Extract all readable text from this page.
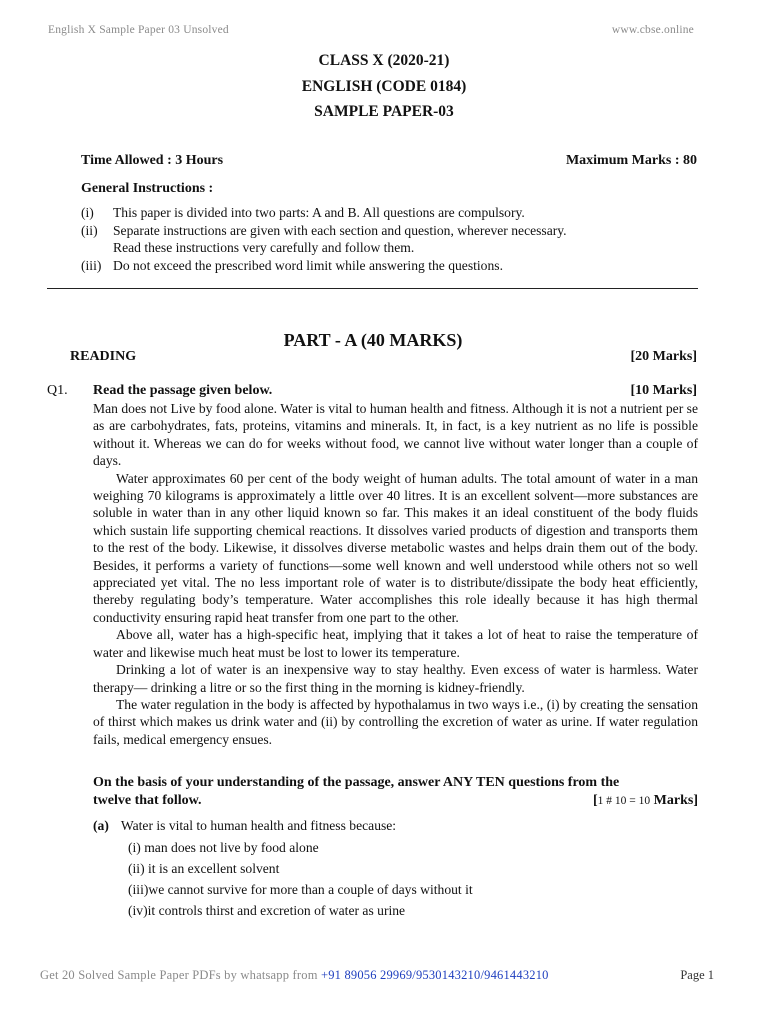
English X Sample Paper 03 Unsolved	www.cbse.online
CLASS X (2020-21)
ENGLISH (CODE 0184)
SAMPLE PAPER-03
Time Allowed : 3 Hours	Maximum Marks : 80
General Instructions :
(i)	This paper is divided into two parts: A and B. All questions are compulsory.
(ii)	Separate instructions are given with each section and question, wherever necessary.
Read these instructions very carefully and follow them.
(iii) Do not exceed the prescribed word limit while answering the questions.
PART - A (40 MARKS)
READING	[20 Marks]
Q1. Read the passage given below.	[10 Marks]

Man does not Live by food alone. Water is vital to human health and fitness. Although it is not a nutrient per se as are carbohydrates, fats, proteins, vitamins and minerals. It, in fact, is a key nutrient as no life is possible without it. Whereas we can do for weeks without food, we cannot live without water longer than a couple of days.

Water approximates 60 per cent of the body weight of human adults. The total amount of water in a man weighing 70 kilograms is approximately a little over 40 litres. It is an excellent solvent—more substances are soluble in water than in any other liquid known so far. This makes it an ideal constituent of the body fluids which sustain life supporting chemical reactions. It dissolves varied products of digestion and transports them to the rest of the body. Likewise, it dissolves diverse metabolic wastes and helps drain them out of the body. Besides, it performs a variety of functions—some well known and well understood while others not so well appreciated yet vital. The no less important role of water is to distribute/dissipate the body heat efficiently, thereby regulating body’s temperature. Water accomplishes this role ideally because it has high thermal conductivity ensuring rapid heat transfer from one part to the other.

Above all, water has a high-specific heat, implying that it takes a lot of heat to raise the temperature of water and likewise much heat must be lost to lower its temperature.

Drinking a lot of water is an inexpensive way to stay healthy. Even excess of water is harmless. Water therapy— drinking a litre or so the first thing in the morning is kidney-friendly.

The water regulation in the body is affected by hypothalamus in two ways i.e., (i) by creating the sensation of thirst which makes us drink water and (ii) by controlling the excretion of water as urine. If water regulation fails, medical emergency ensues.

On the basis of your understanding of the passage, answer ANY TEN questions from the
twelve that follow.	[1 # 10 = 10 Marks]
(a) Water is vital to human health and fitness because:
(i) man does not live by food alone
(ii) it is an excellent solvent
(iii)we cannot survive for more than a couple of days without it
(iv)it controls thirst and excretion of water as urine
Get 20 Solved Sample Paper PDFs by whatsapp from +91 89056 29969/9530143210/9461443210	Page 1
